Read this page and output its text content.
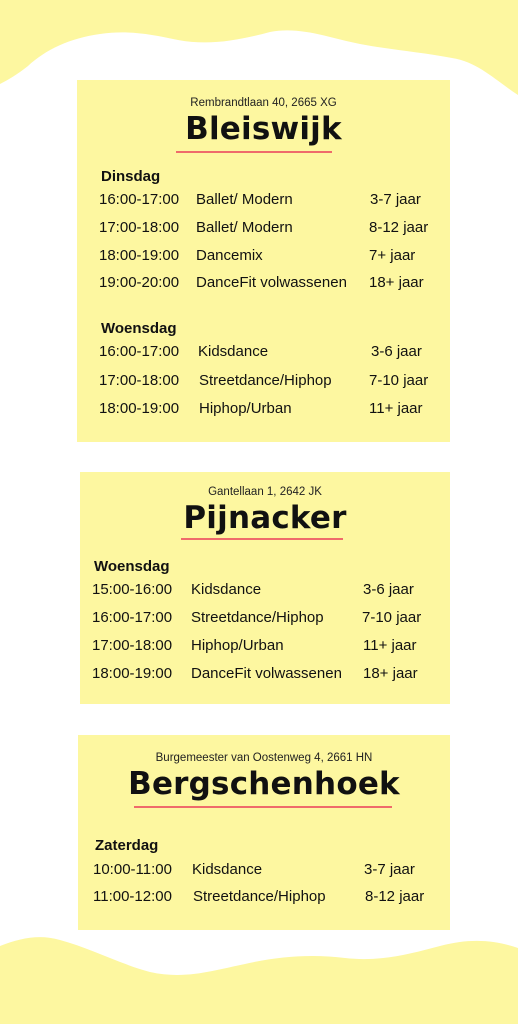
Rembrandtlaan 40, 2665 XG
Bleiswijk
Dinsdag
16:00-17:00 Ballet/ Modern	3-7 jaar
17:00-18:00 Ballet/ Modern	8-12 jaar
18:00-19:00 Dancemix	7+ jaar
19:00-20:00 DanceFit volwassenen 18+ jaar
Woensdag
16:00-17:00 Kidsdance	3-6 jaar
17:00-18:00 Streetdance/Hiphop 7-10 jaar
18:00-19:00 Hiphop/Urban	11+ jaar
Gantellaan 1, 2642 JK
Pijnacker
Woensdag
15:00-16:00 Kidsdance	3-6 jaar
16:00-17:00 Streetdance/Hiphop	7-10 jaar
17:00-18:00 Hiphop/Urban	11+ jaar
18:00-19:00 DanceFit volwassenen 18+ jaar
Burgemeester van Oostenweg 4, 2661 HN
Bergschenhoek
Zaterdag
10:00-11:00 Kidsdance	3-7 jaar
11:00-12:00 Streetdance/Hiphop	8-12 jaar
